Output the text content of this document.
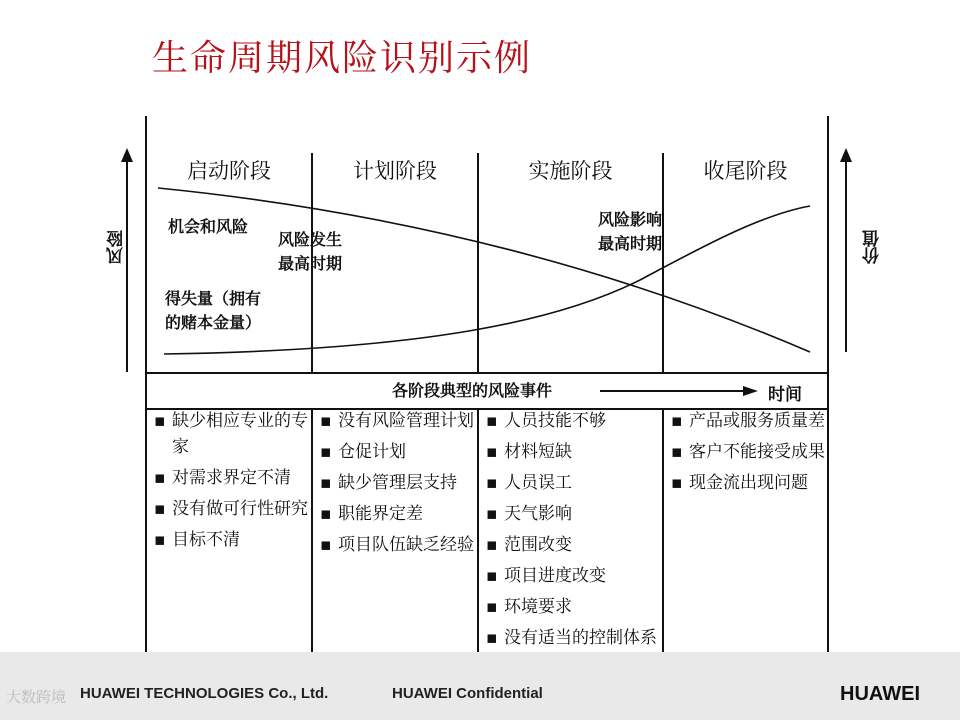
生命周期风险识别示例
启动阶段	计划阶段	实施阶段	收尾阶段
风险	价值
机会和风险
风险发生
最高时期
风险影响
最高时期
得失量（拥有
的赌本金量）
各阶段典型的风险事件	时间
▪ 缺少相应专业的专家
▪ 对需求界定不清
▪ 没有做可行性研究
▪ 目标不清
▪ 没有风险管理计划
▪ 仓促计划
▪ 缺少管理层支持
▪ 职能界定差
▪ 项目队伍缺乏经验
▪ 人员技能不够
▪ 材料短缺
▪ 人员误工
▪ 天气影响
▪ 范围改变
▪ 项目进度改变
▪ 环境要求
▪ 没有适当的控制体系
▪ 产品或服务质量差
▪ 客户不能接受成果
▪ 现金流出现问题
大数跨境 HUAWEI TECHNOLOGIES Co., Ltd.	HUAWEI Confidential	HUAWEI
